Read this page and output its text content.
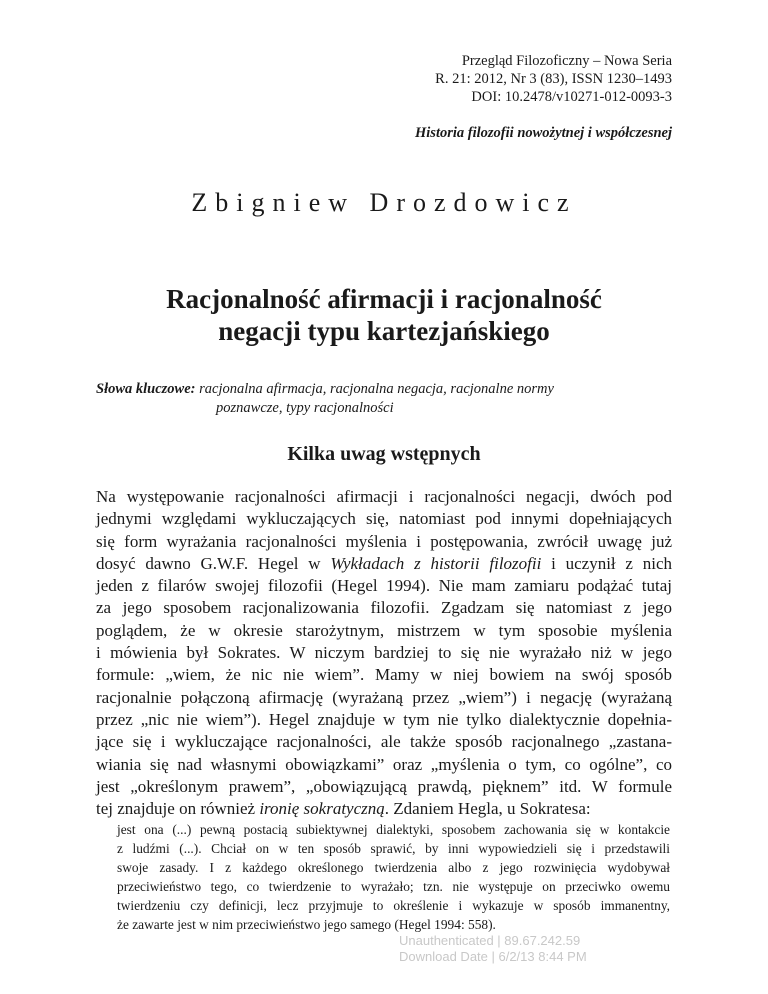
Przegląd Filozoficzny – Nowa Seria
R. 21: 2012, Nr 3 (83), ISSN 1230–1493
DOI: 10.2478/v10271-012-0093-3
Historia filozofii nowożytnej i współczesnej
Zbigniew Drozdowicz
Racjonalność afirmacji i racjonalność
negacji typu kartezjańskiego
Słowa kluczowe: racjonalna afirmacja, racjonalna negacja, racjonalne normy
poznawcze, typy racjonalności
Kilka uwag wstępnych
Na występowanie racjonalności afirmacji i racjonalności negacji, dwóch pod
jednymi względami wykluczających się, natomiast pod innymi dopełniających
się form wyrażania racjonalności myślenia i postępowania, zwrócił uwagę już
dosyć dawno G.W.F. Hegel w Wykładach z historii filozofii i uczynił z nich
jeden z filarów swojej filozofii (Hegel 1994). Nie mam zamiaru podążać tutaj
za jego sposobem racjonalizowania filozofii. Zgadzam się natomiast z jego
poglądem, że w okresie starożytnym, mistrzem w tym sposobie myślenia
i mówienia był Sokrates. W niczym bardziej to się nie wyrażało niż w jego
formule: „wiem, że nic nie wiem”. Mamy w niej bowiem na swój sposób
racjonalnie połączoną afirmację (wyrażaną przez „wiem”) i negację (wyrażaną
przez „nic nie wiem”). Hegel znajduje w tym nie tylko dialektycznie dopełnia-
jące się i wykluczające racjonalności, ale także sposób racjonalnego „zastana-
wiania się nad własnymi obowiązkami” oraz „myślenia o tym, co ogólne”, co
jest „określonym prawem”, „obowiązującą prawdą, pięknem” itd. W formule
tej znajduje on również ironię sokratyczną. Zdaniem Hegla, u Sokratesa:
jest ona (...) pewną postacią subiektywnej dialektyki, sposobem zachowania się w kontakcie
z ludźmi (...). Chciał on w ten sposób sprawić, by inni wypowiedzieli się i przedstawili
swoje zasady. I z każdego określonego twierdzenia albo z jego rozwinięcia wydobywał
przeciwieństwo tego, co twierdzenie to wyrażało; tzn. nie występuje on przeciwko owemu
twierdzeniu czy definicji, lecz przyjmuje to określenie i wykazuje w sposób immanentny,
że zawarte jest w nim przeciwieństwo jego samego (Hegel 1994: 558).
Unauthenticated | 89.67.242.59
Download Date | 6/2/13 8:44 PM
